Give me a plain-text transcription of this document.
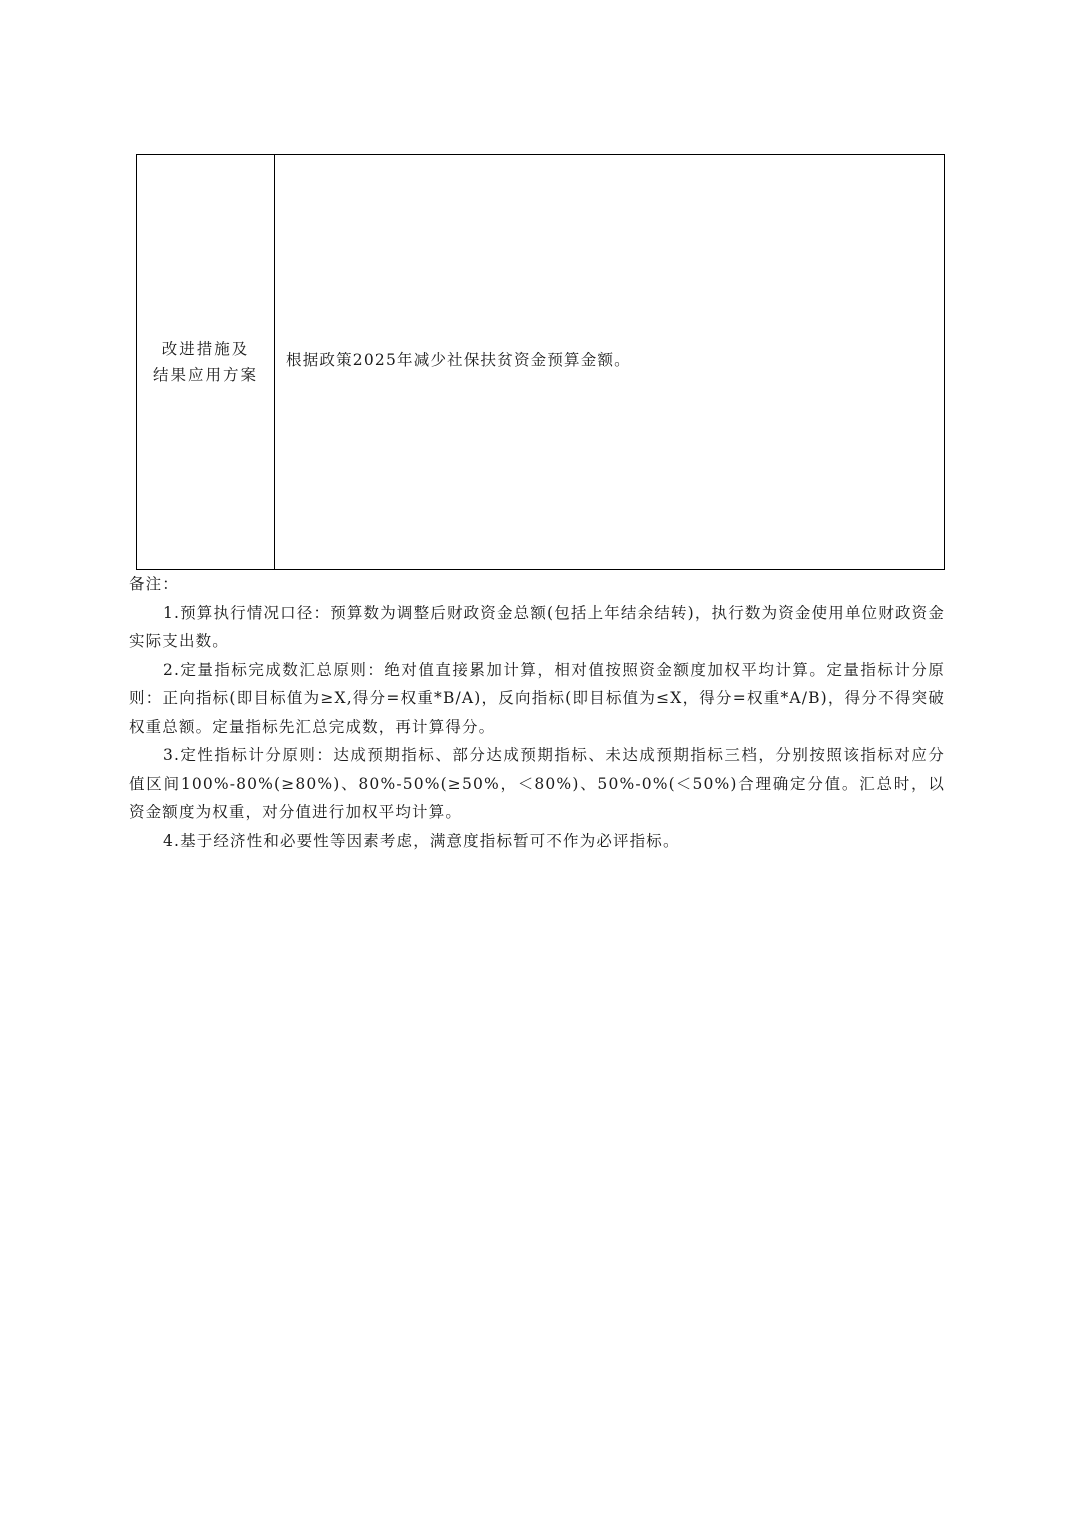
改进措施及
结果应用方案
	根据政策2025年减少社保扶贫资金预算金额。
备注：

1.预算执行情况口径：预算数为调整后财政资金总额(包括上年结余结转)，执行数为资金使用单位财政资金实际支出数。

2.定量指标完成数汇总原则：绝对值直接累加计算，相对值按照资金额度加权平均计算。定量指标计分原则：正向指标(即目标值为≥X,得分=权重*B/A)，反向指标(即目标值为≤X，得分=权重*A/B)，得分不得突破权重总额。定量指标先汇总完成数，再计算得分。

3.定性指标计分原则：达成预期指标、部分达成预期指标、未达成预期指标三档，分别按照该指标对应分值区间100%-80%(≥80%)、80%-50%(≥50%，＜80%)、50%-0%(＜50%)合理确定分值。汇总时，以资金额度为权重，对分值进行加权平均计算。

4.基于经济性和必要性等因素考虑，满意度指标暂可不作为必评指标。
